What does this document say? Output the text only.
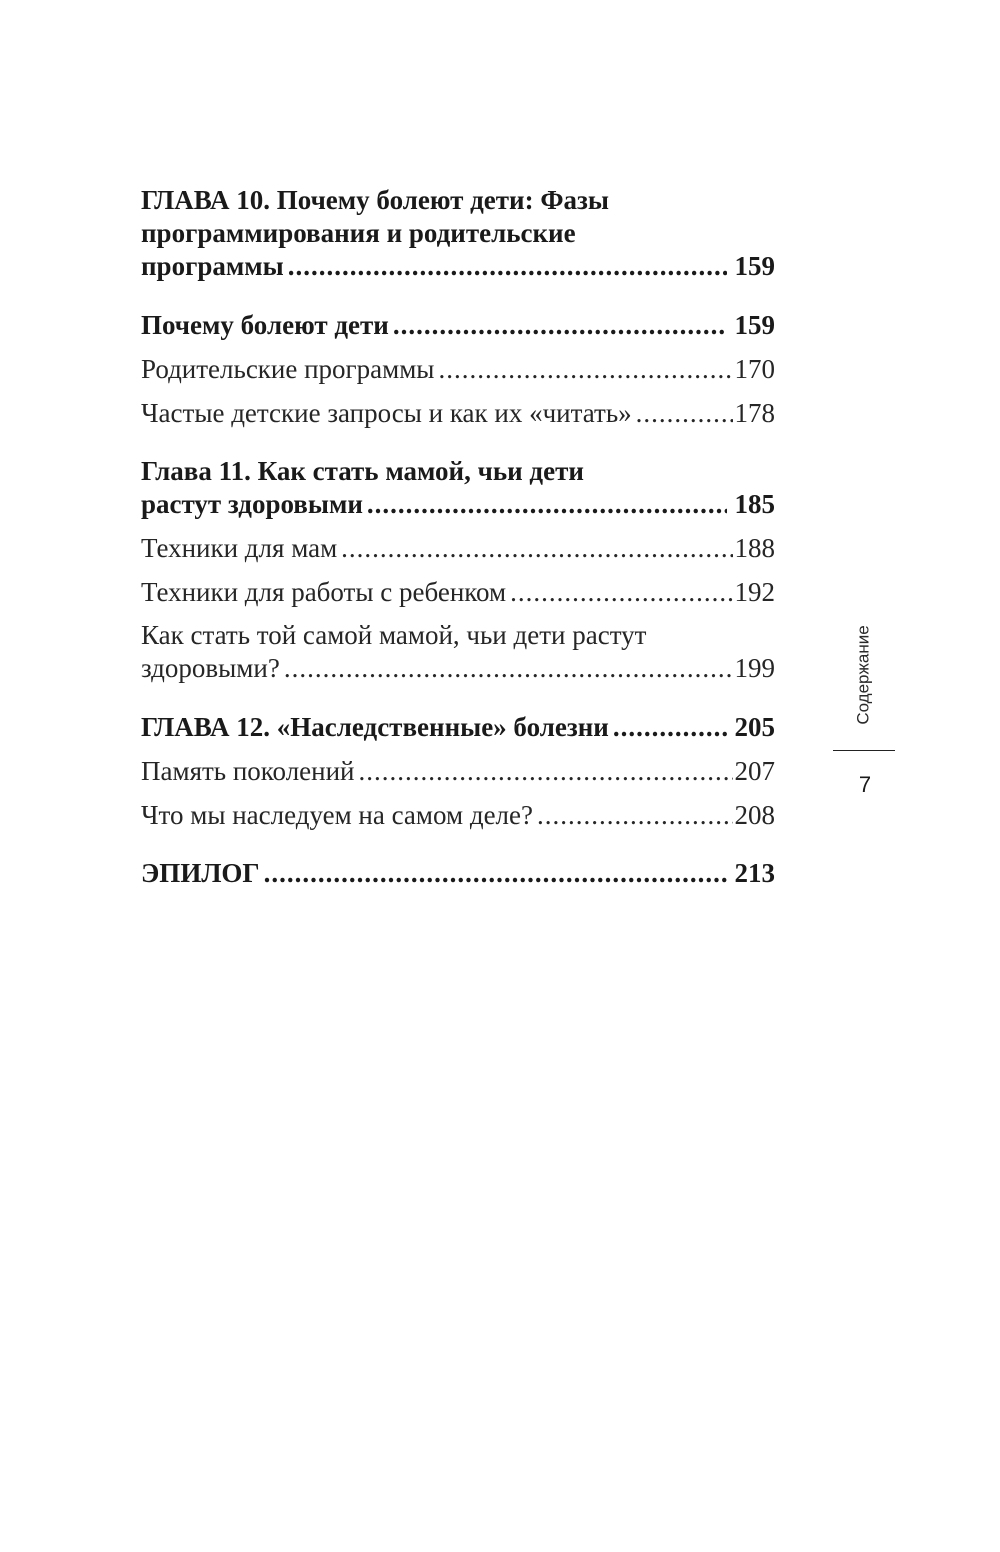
ГЛАВА 10. Почему болеют дети: Фазы
программирования и родительские
программы .....	159
Почему болеют дети .....	159
Родительские программы .....	170
Частые детские запросы и как их «читать» .....	178
Глава 11. Как стать мамой, чьи дети
растут здоровыми .....	185
Техники для мам .....	188
Техники для работы с ребенком .....	192
Как стать той самой мамой, чьи дети растут
здоровыми? .....	199
ГЛАВА 12. «Наследственные» болезни .....	205
Память поколений .....	207
Что мы наследуем на самом деле? .....	208
ЭПИЛОГ .....	213
Содержание
7
